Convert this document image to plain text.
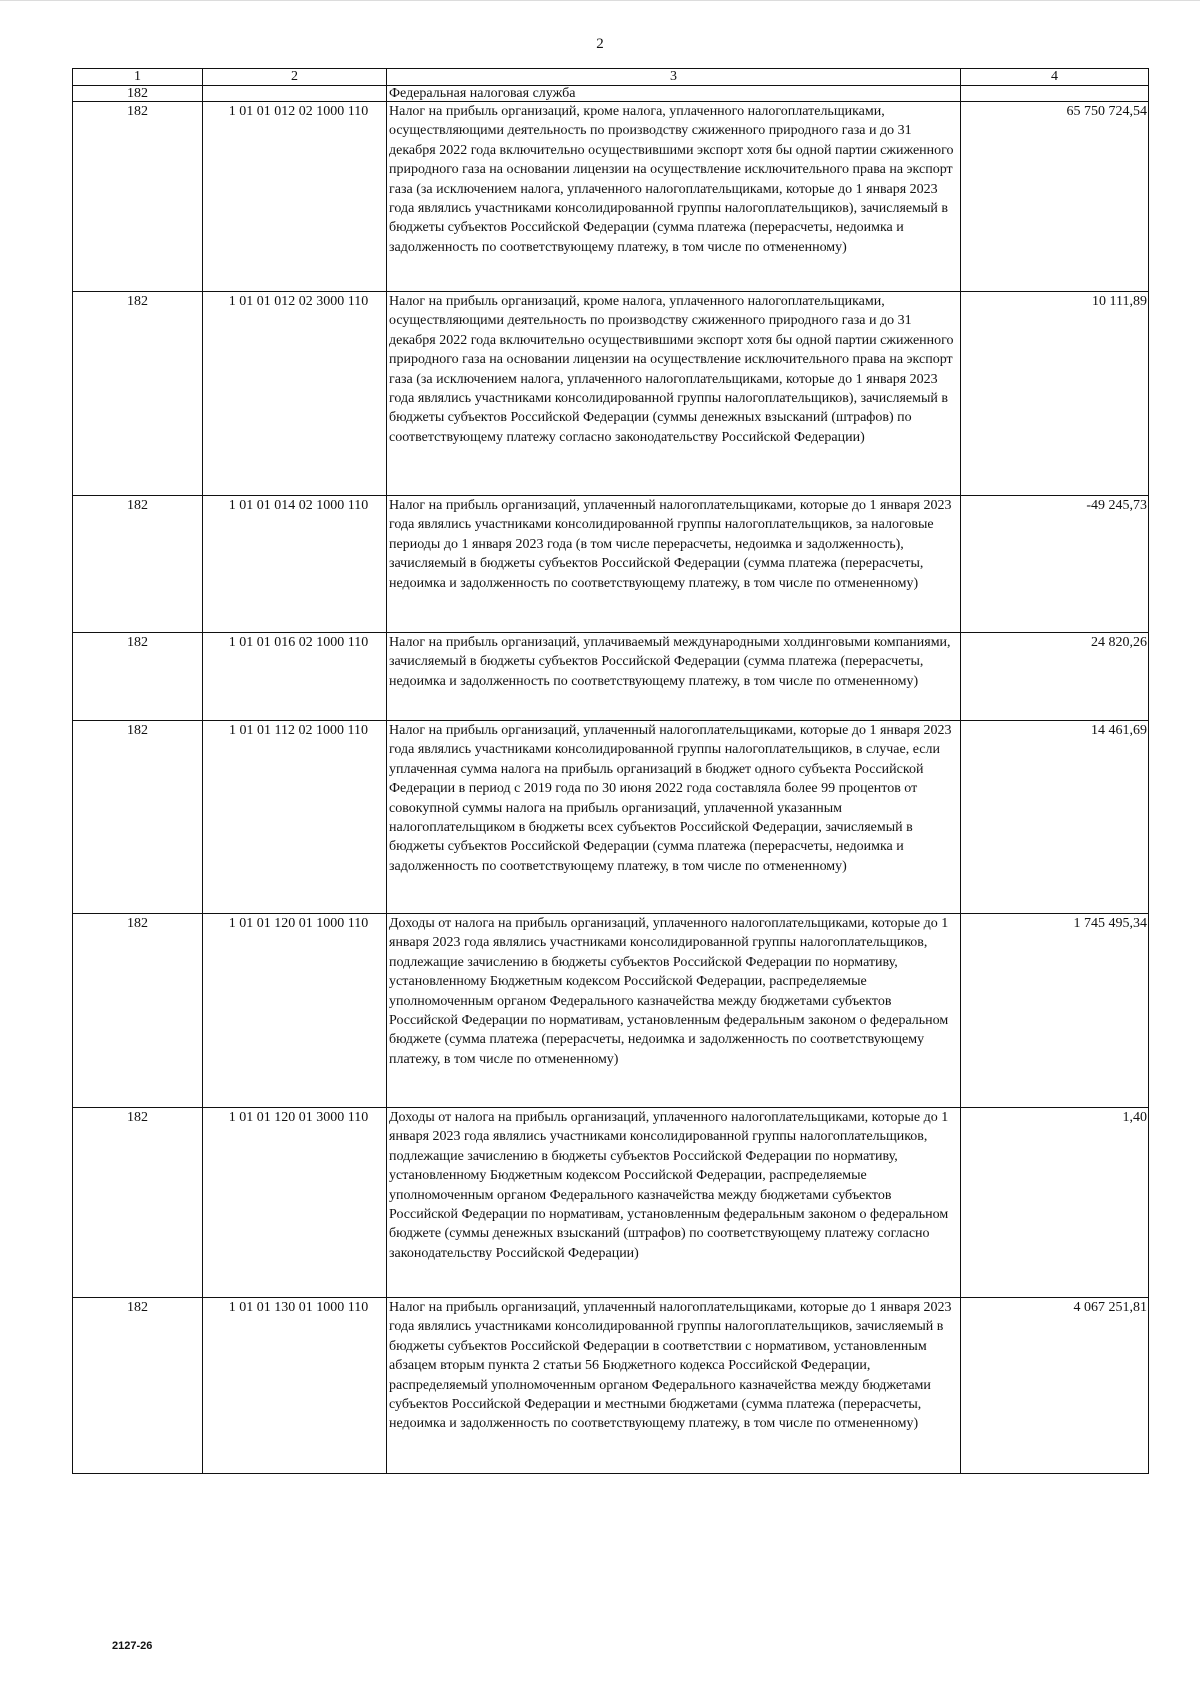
2
1	2	3	4
182		Федеральная налоговая служба	
182	1 01 01 012 02 1000 110	Налог на прибыль организаций, кроме налога, уплаченного налогоплательщиками, осуществляющими деятельность по производству сжиженного природного газа и до 31 декабря 2022 года включительно осуществившими экспорт хотя бы одной партии сжиженного природного газа на основании лицензии на осуществление исключительного права на экспорт газа (за исключением налога, уплаченного налогоплательщиками, которые до 1 января 2023 года являлись участниками консолидированной группы налогоплательщиков), зачисляемый в бюджеты субъектов Российской Федерации (сумма платежа (перерасчеты, недоимка и задолженность по соответствующему платежу, в том числе по отмененному)	65 750 724,54
182	1 01 01 012 02 3000 110	Налог на прибыль организаций, кроме налога, уплаченного налогоплательщиками, осуществляющими деятельность по производству сжиженного природного газа и до 31 декабря 2022 года включительно осуществившими экспорт хотя бы одной партии сжиженного природного газа на основании лицензии на осуществление исключительного права на экспорт газа (за исключением налога, уплаченного налогоплательщиками, которые до 1 января 2023 года являлись участниками консолидированной группы налогоплательщиков), зачисляемый в бюджеты субъектов Российской Федерации (суммы денежных взысканий (штрафов) по соответствующему платежу согласно законодательству Российской Федерации)	10 111,89
182	1 01 01 014 02 1000 110	Налог на прибыль организаций, уплаченный налогоплательщиками, которые до 1 января 2023 года являлись участниками консолидированной группы налогоплательщиков, за налоговые периоды до 1 января 2023 года (в том числе перерасчеты, недоимка и задолженность), зачисляемый в бюджеты субъектов Российской Федерации (сумма платежа (перерасчеты, недоимка и задолженность по соответствующему платежу, в том числе по отмененному)	-49 245,73
182	1 01 01 016 02 1000 110	Налог на прибыль организаций, уплачиваемый международными холдинговыми компаниями, зачисляемый в бюджеты субъектов Российской Федерации (сумма платежа (перерасчеты, недоимка и задолженность по соответствующему платежу, в том числе по отмененному)	24 820,26
182	1 01 01 112 02 1000 110	Налог на прибыль организаций, уплаченный налогоплательщиками, которые до 1 января 2023 года являлись участниками консолидированной группы налогоплательщиков, в случае, если уплаченная сумма налога на прибыль организаций в бюджет одного субъекта Российской Федерации в период с 2019 года по 30 июня 2022 года составляла более 99 процентов от совокупной суммы налога на прибыль организаций, уплаченной указанным налогоплательщиком в бюджеты всех субъектов Российской Федерации, зачисляемый в бюджеты субъектов Российской Федерации (сумма платежа (перерасчеты, недоимка и задолженность по соответствующему платежу, в том числе по отмененному)	14 461,69
182	1 01 01 120 01 1000 110	Доходы от налога на прибыль организаций, уплаченного налогоплательщиками, которые до 1 января 2023 года являлись участниками консолидированной группы налогоплательщиков, подлежащие зачислению в бюджеты субъектов Российской Федерации по нормативу, установленному Бюджетным кодексом Российской Федерации, распределяемые уполномоченным органом Федерального казначейства между бюджетами субъектов Российской Федерации по нормативам, установленным федеральным законом о федеральном бюджете (сумма платежа (перерасчеты, недоимка и задолженность по соответствующему платежу, в том числе по отмененному)	1 745 495,34
182	1 01 01 120 01 3000 110	Доходы от налога на прибыль организаций, уплаченного налогоплательщиками, которые до 1 января 2023 года являлись участниками консолидированной группы налогоплательщиков, подлежащие зачислению в бюджеты субъектов Российской Федерации по нормативу, установленному Бюджетным кодексом Российской Федерации, распределяемые уполномоченным органом Федерального казначейства между бюджетами субъектов Российской Федерации по нормативам, установленным федеральным законом о федеральном бюджете (суммы денежных взысканий (штрафов) по соответствующему платежу согласно законодательству Российской Федерации)	1,40
182	1 01 01 130 01 1000 110	Налог на прибыль организаций, уплаченный налогоплательщиками, которые до 1 января 2023 года являлись участниками консолидированной группы налогоплательщиков, зачисляемый в бюджеты субъектов Российской Федерации в соответствии с нормативом, установленным абзацем вторым пункта 2 статьи 56 Бюджетного кодекса Российской Федерации, распределяемый уполномоченным органом Федерального казначейства между бюджетами субъектов Российской Федерации и местными бюджетами (сумма платежа (перерасчеты, недоимка и задолженность по соответствующему платежу, в том числе по отмененному)	4 067 251,81
2127-26
